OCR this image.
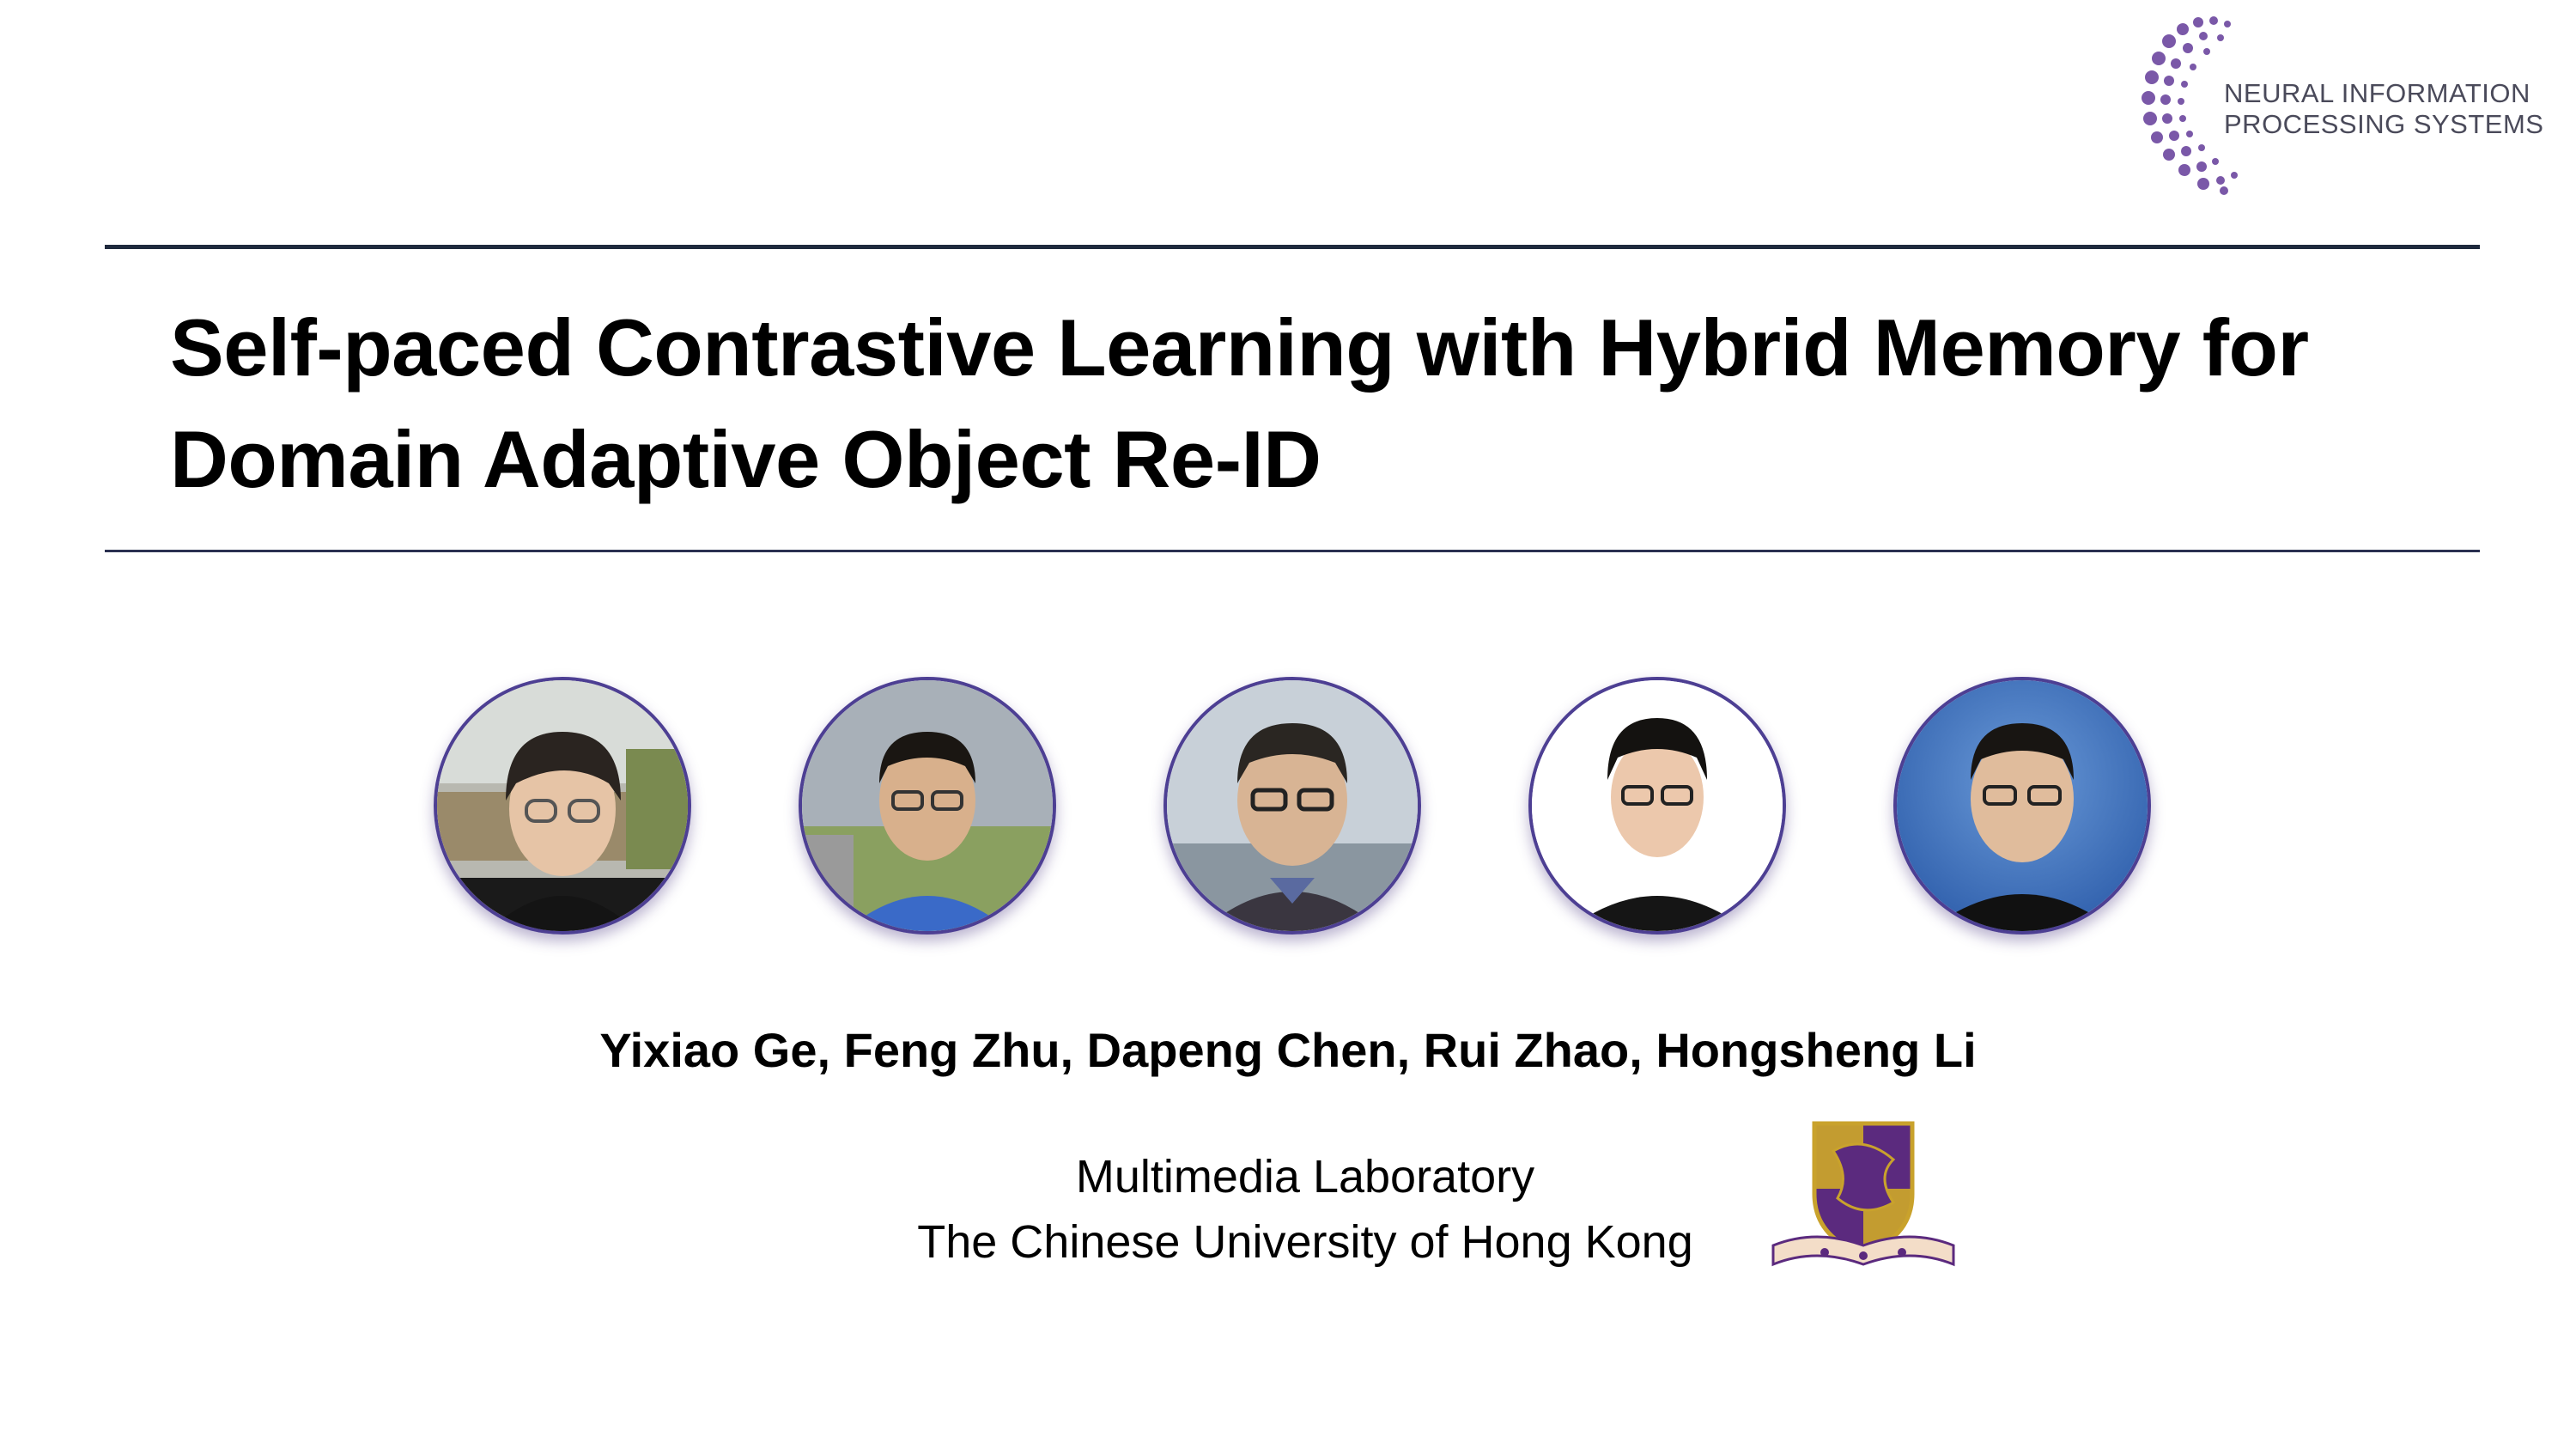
NEURAL INFORMATION
PROCESSING SYSTEMS
Self-paced Contrastive Learning with Hybrid Memory for
Domain Adaptive Object Re-ID
Yixiao Ge, Feng Zhu, Dapeng Chen, Rui Zhao, Hongsheng Li
Multimedia Laboratory
The Chinese University of Hong Kong
